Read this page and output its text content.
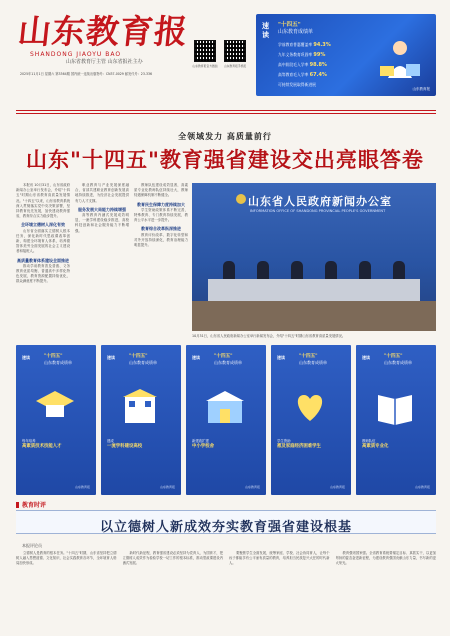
山东教育报
SHANDONG JIAOYU BAO
山东省教育厅主管 山东省报社主办
2025年11月1日 星期六 第3364期 国内统一连续出版物号：CN37-0029 邮发代号：23-336
山东教育报官方微信	山东教育报手机报
速读
"十四五"
山东教育成绩单
学前教育普惠覆盖率 94.3%
九年义务教育巩固率 99%
高中阶段毛入学率 98.8%
高等教育毛入学率 67.4%
可持续发展取得新进展
山东教育报
全领域发力 高质量前行
山东"十四五"教育强省建设交出亮眼答卷

本报讯 10月31日，山东省政府新闻办公室举行发布会，介绍"十四五"时期山东省教育高质量发展情况。"十四五"以来，山东省教育系统深入贯彻落实党中央决策部署，坚持教育优先发展，加快建设教育强省，教育综合实力稳步提升。

全环境立德树人深化有效

山东省全面落实立德树人根本任务，深化新时代思政课改革创新，构建全环境育人体系，培养德智体美劳全面发展的社会主义建设者和接班人。

高质量教育体系建设全面推进

推动学前教育普及普惠、义务教育优质均衡、普通高中多样化特色发展，教育资源配置持续优化，群众满意度不断提升。

职业教育与产业发展深度融合，省部共建职业教育创新发展高地持续推进，为经济社会发展提供有力人才支撑。

服务发展大局能力持续增强

高等教育内涵式发展成效明显，一流学科建设稳步推进，高校科技创新和社会服务能力不断增强。

教师队伍建设成效显著，高素质专业化教师队伍持续壮大，教师待遇保障机制不断健全。

教育民生保障力度持续加大

学生资助政策体系不断完善，特殊教育、专门教育持续发展，教育公平水平进一步提升。

教育综合改革纵深推进

教育评价改革、数字化转型和对外开放持续深化，教育治理能力明显提升。

山东省人民政府新闻办公室
INFORMATION OFFICE OF SHANDONG PROVINCIAL PEOPLE'S GOVERNMENT
10月31日，山东省人民政府新闻办公室举行新闻发布会，介绍"十四五"时期山东省教育高质量发展情况。
速读	"十四五"
山东教育成绩单
每年培养
高素质技术技能人才
山东教育报
速读	"十四五"
山东教育成绩单
建成
一流学科建设高校
山东教育报
速读	"十四五"
山东教育成绩单
新建改扩建
中小学校舍
山东教育报
速读	"十四五"
山东教育成绩单
学生资助
惠及家庭经济困难学生
山东教育报
速读	"十四五"
山东教育成绩单
教师队伍
高素质专业化
山东教育报
教育时评
以立德树人新成效夯实教育强省建设根基
本报评论员

立德树人是教育的根本任务。"十四五"时期，山东省坚持把立德树人融入思想道德、文化知识、社会实践教育各环节，全环境育人格局加快形成。

新时代新征程，教育强省建设必须坚持为党育人、为国育才，把立德树人成效作为检验学校一切工作的根本标准，推动思政课建设内涵式发展。

要聚焦学生全面发展，统筹家庭、学校、社会协同育人，让每个孩子都能享有公平而有质量的教育，培养担当民族复兴大任的时代新人。

教育强则国家强。全省教育系统要锚定目标、真抓实干，以更加昂扬的姿态奋进新征程，为建设教育强国贡献山东力量，书写新的更大荣光。
